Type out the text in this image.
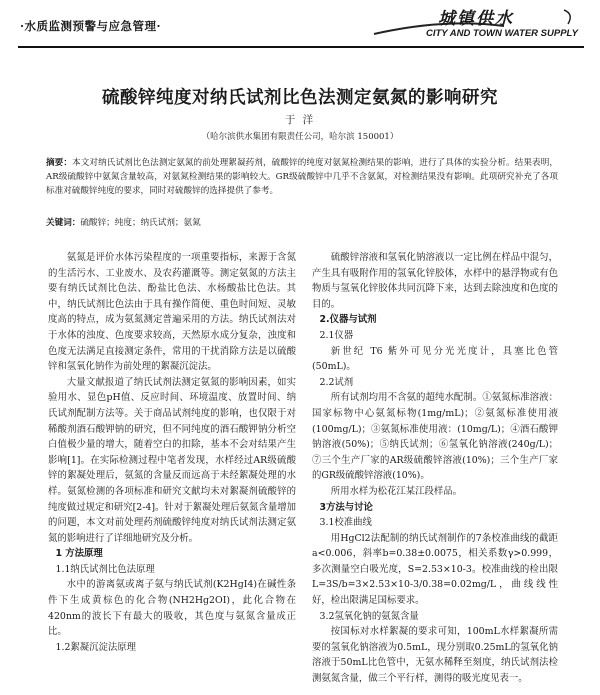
·水质监测预警与应急管理·	城镇供水
CITY AND TOWN WATER SUPPLY
硫酸锌纯度对纳氏试剂比色法测定氨氮的影响研究
于 洋
（哈尔滨供水集团有限责任公司，哈尔滨 150001）

摘要：本文对纳氏试剂比色法测定氨氮的前处理絮凝药剂，硫酸锌的纯度对氨氮检测结果的影响，进行了具体的实验分析。结果表明，AR级硫酸锌中氨氮含量较高，对氨氮检测结果的影响较大。GR级硫酸锌中几乎不含氨氮，对检测结果没有影响。此项研究补充了各项标准对硫酸锌纯度的要求，同时对硫酸锌的选择提供了参考。

关键词：硫酸锌；纯度；纳氏试剂；氨氮

氨氮是评价水体污染程度的一项重要指标，来源于含氮的生活污水、工业废水、及农药灌溉等。测定氨氮的方法主要有纳氏试剂比色法、酚盐比色法、水杨酸盐比色法。其中，纳氏试剂比色法由于具有操作简便、重色时间短、灵敏度高的特点，成为氨氮测定普遍采用的方法。纳氏试剂法对于水体的浊度、色度要求较高，天然原水成分复杂，浊度和色度无法满足直接测定条件，常用的干扰消除方法是以硫酸锌和氢氧化钠作为前处理的絮凝沉淀法。

大量文献报道了纳氏试剂法测定氨氮的影响因素，如实验用水、显色pH值、反应时间、环境温度、放置时间、纳氏试剂配制方法等。关于商品试剂纯度的影响，也仅限于对稀酸剂酒石酸钾钠的研究，但不同纯度的酒石酸钾钠分析空白值极少量的增大，随着空白的扣除，基本不会对结果产生影响[1]。在实际检测过程中笔者发现，水样经过AR级硫酸锌的絮凝处理后，氨氮的含量反而远高于未经絮凝处理的水样。氨氮检测的各项标准和研究文献均未对絮凝剂硫酸锌的纯度做过规定和研究[2-4]。针对于絮凝处理后氨氮含量增加的问题，本文对前处理药剂硫酸锌纯度对纳氏试剂法测定氨氮的影响进行了详细地研究及分析。

1 方法原理

1.1纳氏试剂比色法原理

水中的游离氨或离子氨与纳氏试剂(K2HgI4)在碱性条件下生成黄棕色的化合物(NH2Hg2OI)，此化合物在420nm的波长下有最大的吸收，其色度与氨氮含量成正比。

1.2絮凝沉淀法原理

硫酸锌溶液和氢氧化钠溶液以一定比例在样品中混匀，产生具有吸附作用的氢氧化锌胶体，水样中的悬浮物或有色物质与氢氧化锌胶体共同沉降下来，达到去除浊度和色度的目的。

2.仪器与试剂

2.1仪器

新世纪 T6 紫外可见分光光度计，具塞比色管(50mL)。

2.2试剂

所有试剂均用不含氨的超纯水配制。①氨氮标准溶液：国家标物中心氨氮标物(1mg/mL)；②氨氮标准使用液(100mg/L)；③氨氮标准使用液：(10mg/L)；④酒石酸钾钠溶液(50%)；⑤纳氏试剂；⑥氢氧化钠溶液(240g/L)；⑦三个生产厂家的AR级硫酸锌溶液(10%)；三个生产厂家的GR级硫酸锌溶液(10%)。

所用水样为松花江某江段样品。

3方法与讨论

3.1校准曲线

用HgCl2法配制的纳氏试剂制作的7条校准曲线的截距a<0.006，斜率b=0.38±0.0075，相关系数γ>0.999，多次测量空白吸光度，S=2.53×10-3。校准曲线的检出限L=3S/b=3×2.53×10-3/0.38=0.02mg/L，曲线线性好，检出限满足国标要求。

3.2氢氧化钠的氨氮含量

按国标对水样絮凝的要求可知，100mL水样絮凝所需要的氢氧化钠溶液为0.5mL，现分别取0.25mL的氢氧化钠溶液于50mL比色管中，无氨水稀释至刻度，纳氏试剂法检测氨氮含量，做三个平行样，测得的吸光度见表一。
